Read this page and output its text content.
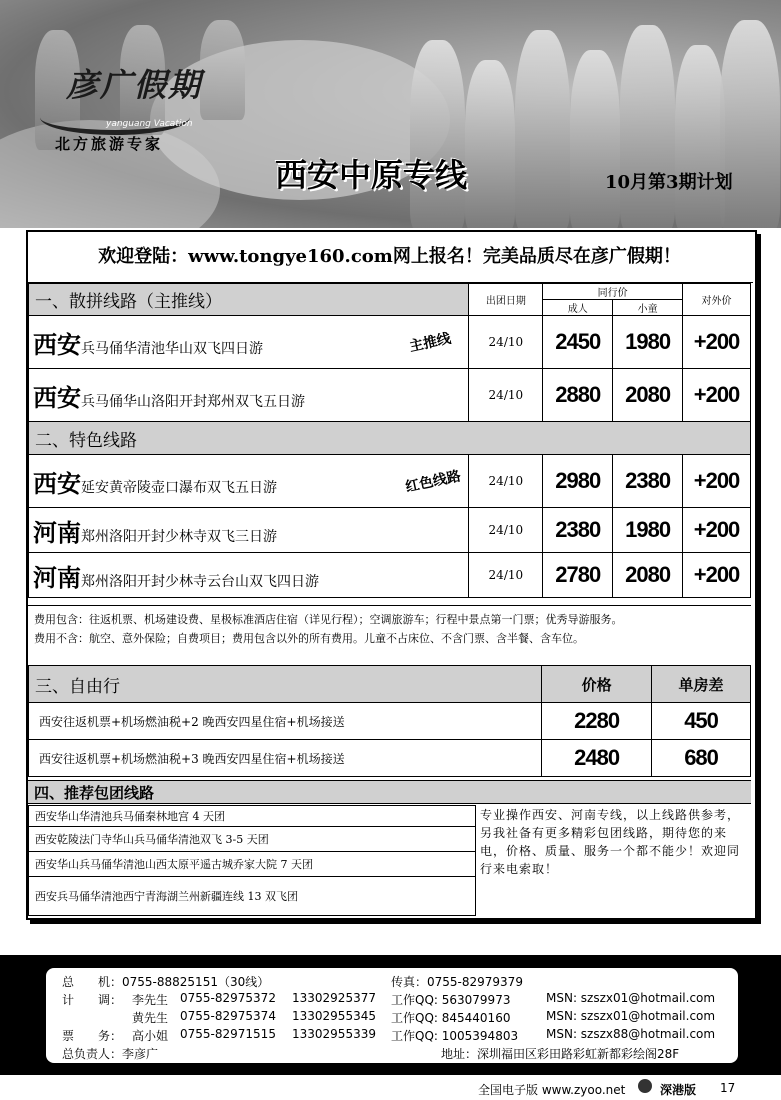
彦广假期
yanguang Vacation
北方旅游专家
西安中原专线	10月第3期计划
欢迎登陆：www.tongye160.com网上报名！完美品质尽在彦广假期！
一、散拼线路（主推线）	出团日期	同行价		对外价
		成人	小童	
西安兵马俑华清池华山双飞四日游 主推线	24/10	2450	1980	+200
西安兵马俑华山洛阳开封郑州双飞五日游	24/10	2880	2080	+200
二、特色线路				
西安延安黄帝陵壶口瀑布双飞五日游 红色线路	24/10	2980	2380	+200
河南郑州洛阳开封少林寺双飞三日游	24/10	2380	1980	+200
河南郑州洛阳开封少林寺云台山双飞四日游	24/10	2780	2080	+200
费用包含：往返机票、机场建设费、星极标准酒店住宿（详见行程）；空调旅游车；行程中景点第一门票；优秀导游服务。
费用不含：航空、意外保险；自费项目；费用包含以外的所有费用。儿童不占床位、不含门票、含半餐、含车位。
三、自由行	价格	单房差
西安往返机票+机场燃油税+2 晚西安四星住宿+机场接送	2280	450
西安往返机票+机场燃油税+3 晚西安四星住宿+机场接送	2480	680
四、推荐包团线路
西安华山华清池兵马俑秦林地宫 4 天团
西安乾陵法门寺华山兵马俑华清池双飞 3-5 天团
西安华山兵马俑华清池山西太原平遥古城乔家大院 7 天团
西安兵马俑华清池西宁青海湖兰州新疆连线 13 双飞团
专业操作西安、河南专线，以上线路供参考，另我社备有更多精彩包团线路，期待您的来电，价格、质量、服务一个都不能少！欢迎同行来电索取！
总　　机：0755-88825151（30线）	传真：0755-82979379
计　　调： 李先生 0755-82975372 13302925377 工作QQ: 563079973	MSN: szszx01@hotmail.com
黄先生 0755-82975374 13302955345 工作QQ: 845440160	MSN: szszx01@hotmail.com
票　　务： 高小姐 0755-82971515 13302955339 工作QQ: 1005394803 MSN: szszx88@hotmail.com
总负责人：李彦广	地址：深圳福田区彩田路彩虹新都彩绘阁28F
全国电子版 www.zyoo.net	深港版 17
